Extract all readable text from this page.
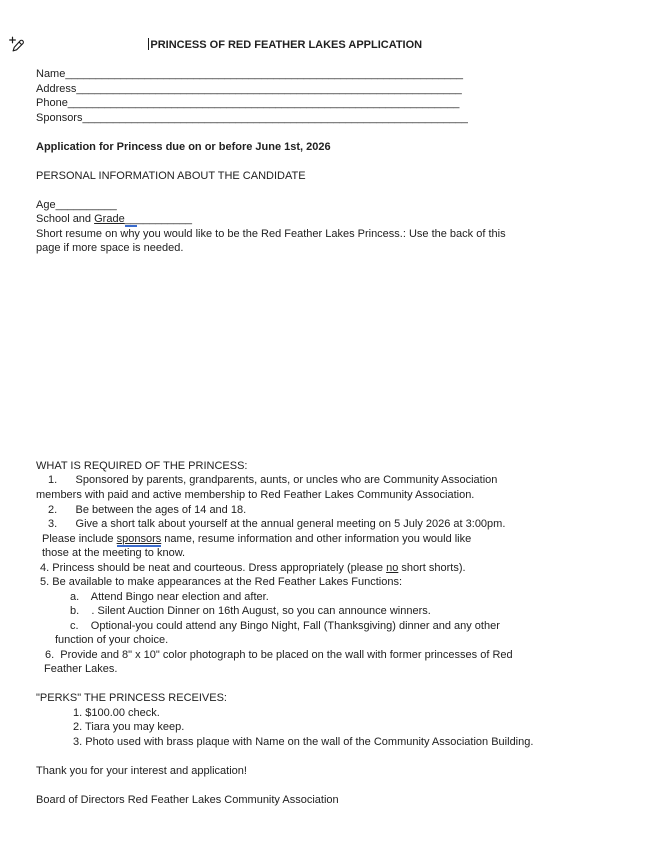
PRINCESS OF RED FEATHER LAKES APPLICATION

Name_________________________________________________________________
Address_______________________________________________________________
Phone________________________________________________________________
Sponsors_______________________________________________________________

Application for Princess due on or before June 1st, 2026

PERSONAL INFORMATION ABOUT THE CANDIDATE

Age__________
School and Grade___________
Short resume on why you would like to be the Red Feather Lakes Princess.: Use the back of this
page if more space is needed.

WHAT IS REQUIRED OF THE PRINCESS:
1.      Sponsored by parents, grandparents, aunts, or uncles who are Community Association
members with paid and active membership to Red Feather Lakes Community Association.
2.      Be between the ages of 14 and 18.
3.      Give a short talk about yourself at the annual general meeting on 5 July 2026 at 3:00pm.
Please include sponsors name, resume information and other information you would like
those at the meeting to know.
4. Princess should be neat and courteous. Dress appropriately (please no short shorts).
5. Be available to make appearances at the Red Feather Lakes Functions:
a.    Attend Bingo near election and after.
b.    . Silent Auction Dinner on 16th August, so you can announce winners.
c.    Optional-you could attend any Bingo Night, Fall (Thanksgiving) dinner and any other
function of your choice.
6.  Provide and 8" x 10" color photograph to be placed on the wall with former princesses of Red
Feather Lakes.

"PERKS" THE PRINCESS RECEIVES:
1. $100.00 check.
2. Tiara you may keep.
3. Photo used with brass plaque with Name on the wall of the Community Association Building.

Thank you for your interest and application!

Board of Directors Red Feather Lakes Community Association
